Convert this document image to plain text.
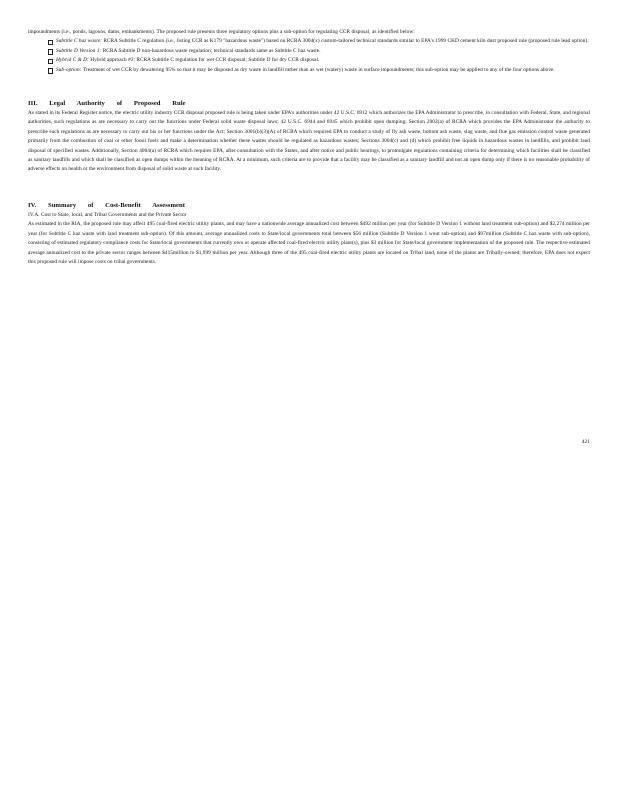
impoundments (i.e., ponds, lagoons, dams, embankments). The proposed rule presents three regulatory options plus a sub-option for regulating CCR disposal, as identified below:

Subtitle C haz waste: RCRA Subtitle C regulation (i.e., listing CCR as K179 "hazardous waste") based on RCRA 3004(x) custom-tailored technical standards similar to EPA's 1999 CKD cement kiln dust proposed rule (proposed rule lead option).
Subtitle D Version 1: RCRA Subtitle D non-hazardous waste regulation; technical standards same as Subtitle C haz waste.
Hybrid C & D: Hybrid approach #2: RCRA Subtitle C regulation for wet CCR disposal; Subtitle D for dry CCR disposal.
Sub-option: Treatment of wet CCR by dewatering 95% so that it may be disposed as dry waste in landfill rather than as wet (watery) waste in surface impoundments; this sub-option may be applied to any of the four options above.
III. Legal Authority of Proposed Rule

As stated in its Federal Register notice, the electric utility industry CCR disposal proposed rule is being taken under EPA's authorities under 42 U.S.C. 6912 which authorizes the EPA Administrator to prescribe, in consultation with Federal, State, and regional authorities, such regulations as are necessary to carry out the functions under Federal solid waste disposal laws; 42 U.S.C. 6944 and 6945 which prohibit open dumping; Section 2002(a) of RCRA which provides the EPA Administrator the authority to prescribe such regulations as are necessary to carry out his or her functions under the Act; Section 3001(b)(3)(A) of RCRA which required EPA to conduct a study of fly ash waste, bottom ash waste, slag waste, and flue gas emission control waste generated primarily from the combustion of coal or other fossil fuels and make a determination whether these wastes should be regulated as hazardous wastes; Sections 3004(c) and (d) which prohibit free liquids in hazardous wastes in landfills, and prohibit land disposal of specified wastes. Additionally, Section 4004(a) of RCRA which requires EPA, after consultation with the States, and after notice and public hearings, to promulgate regulations containing criteria for determining which facilities shall be classified as sanitary landfills and which shall be classified as open dumps within the meaning of RCRA. At a minimum, such criteria are to provide that a facility may be classified as a sanitary landfill and not an open dump only if there is no reasonable probability of adverse effects on health or the environment from disposal of solid waste at such facility.

IV. Summary of Cost-Benefit Assessment

IV.A. Cost to State, local, and Tribal Governments and the Private Sector

As estimated in the RIA, the proposed rule may affect 495 coal-fired electric utility plants, and may have a nationwide average annualized cost between $492 million per year (for Subtitle D Version 1 without land treatment sub-option) and $2,274 million per year (for Subtitle C haz waste with land treatment sub-option). Of this amount, average annualized costs to State/local governments total between $56 million (Subtitle D Version 1 wout sub-option) and $97million (Subtitle C haz waste with sub-option), consisting of estimated regulatory compliance costs for State/local governments that currently own or operate affected coal-fired electric utility plant(s), plus $3 million for State/local government implementation of the proposed rule. The respective estimated average annualized cost to the private sector ranges between $415million to $1,999 million per year. Although three of the 495 coal-fired electric utility plants are located on Tribal land, none of the plants are Tribally-owned; therefore, EPA does not expect this proposed rule will impose costs on tribal governments.

421
